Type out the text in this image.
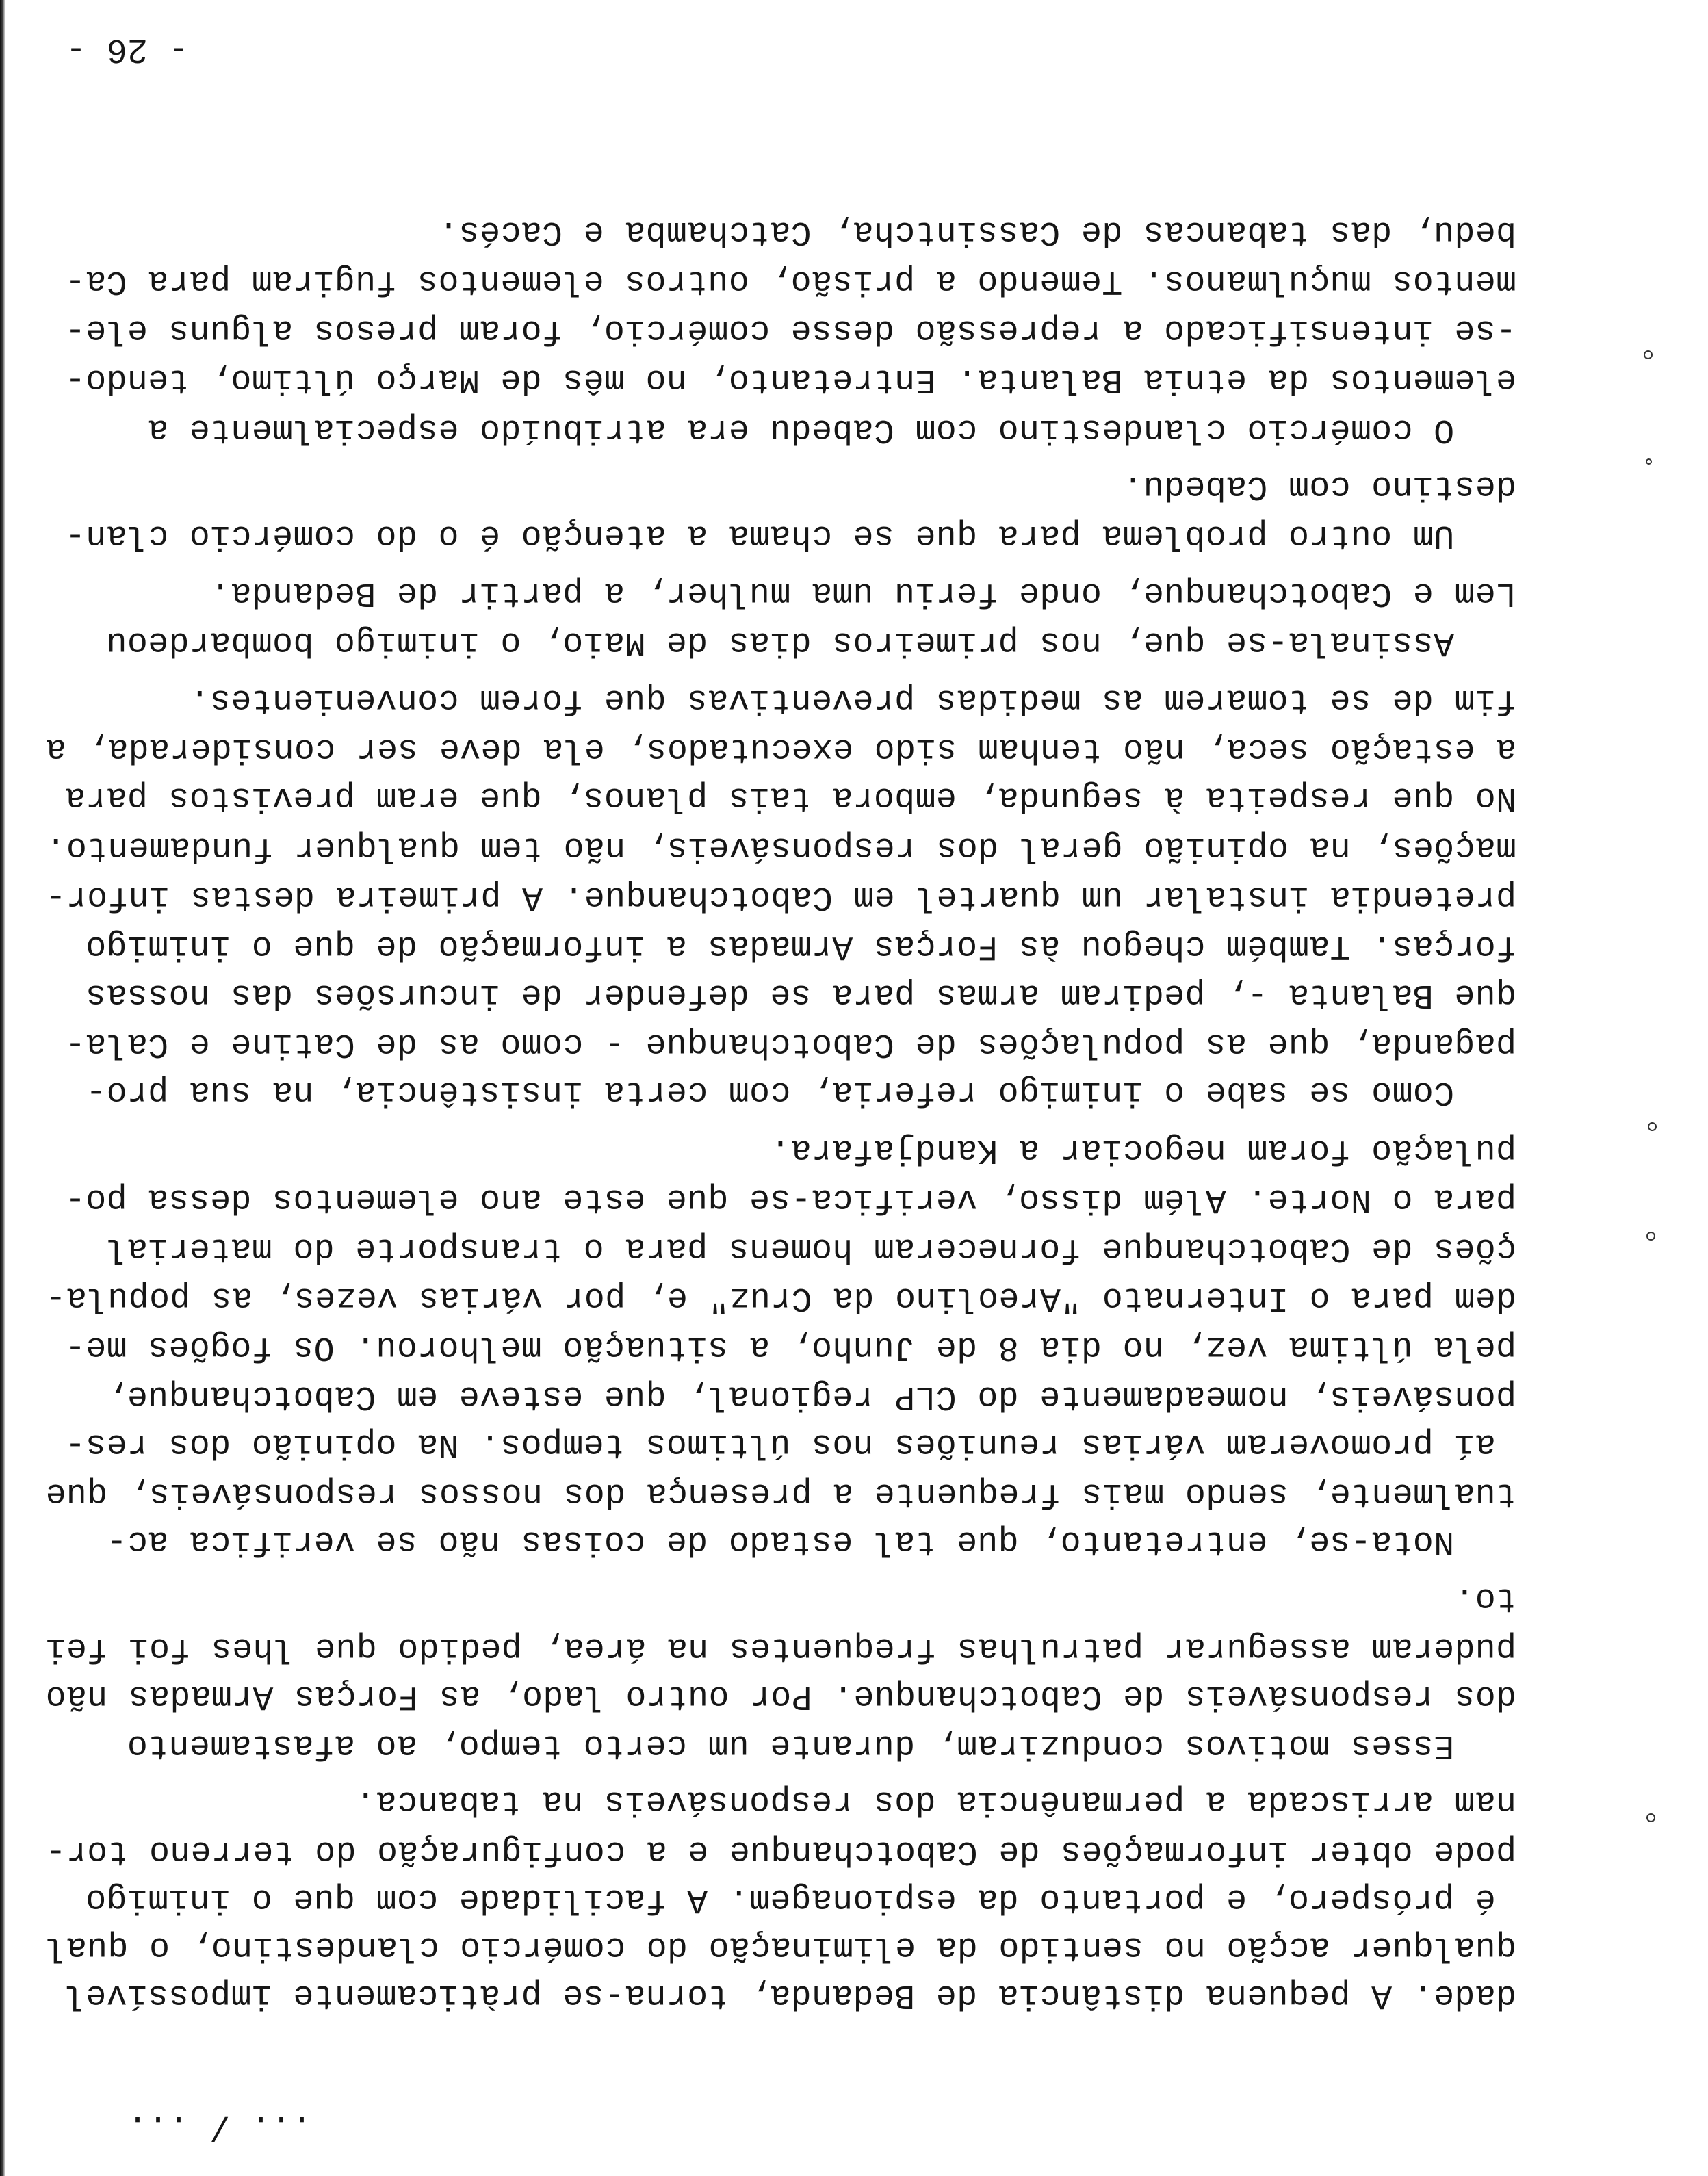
- 26 -
dade. A pequena distância de Bedanda, torna-se pràticamente impossível
qualquer acção no sentido da eliminação do comércio clandestino, o qual
é próspero, e portanto da espionagem. A facilidade com que o inimigo
pode obter informações de Cabotchanque e a configuração do terreno tor-
nam arriscada a permanência dos responsáveis na tabanca.
Esses motivos conduziram, durante um certo tempo, ao afastamento
dos responsáveis de Cabotchanque. Por outro lado, as Forças Armadas não
puderam assegurar patrulhas frequentes na área, pedido que lhes foi fei
to.
Nota-se, entretanto, que tal estado de coisas não se verifica ac-
tualmente, sendo mais frequente a presença dos nossos responsáveis, que
aí promoveram várias reuniões nos últimos tempos. Na opinião dos res-
ponsáveis, nomeadamente do CLP regional, que esteve em Cabotchanque,
pela última vez, no dia 8 de Junho, a situação melhorou. Os fogões me-
dem para o Internato "Areolino da Cruz" e, por várias vezes, as popula-
ções de Cabotchanque forneceram homens para o transporte do material
para o Norte. Além disso, verifica-se que este ano elementos dessa po-
pulação foram negociar a Kandjafara.
Como se sabe o inimigo referia, com certa insistência, na sua pro-
paganda, que as populações de Cabotchanque - como as de Catine e Cala-
que Balanta -, pediram armas para se defender de incursões das nossas
forças. Também chegou às Forças Armadas a informação de que o inimigo
pretendia instalar um quartel em Cabotchanque. A primeira destas infor-
mações, na opinião geral dos responsáveis, não tem qualquer fundamento.
No que respeita à segunda, embora tais planos, que eram previstos para
a estação seca, não tenham sido executados, ela deve ser considerada, a
fim de se tomarem as medidas preventivas que forem convenientes.
Assinala-se que, nos primeiros dias de Maio, o inimigo bombardeou
Lem e Cabotchanque, onde feriu uma mulher, a partir de Bedanda.
Um outro problema para que se chama a atenção é o do comércio clan-
destino com Cabedu.
O comércio clandestino com Cabedu era atribuído especialmente a
elementos da etnia Balanta. Entretanto, no mês de Março último, tendo-
-se intensificado a repressão desse comércio, foram presos alguns ele-
mentos muçulmanos. Temendo a prisão, outros elementos fugiram para Ca-
bedu, das tabancas de Cassintcha, Catchamba e Cacés.
... / ...
